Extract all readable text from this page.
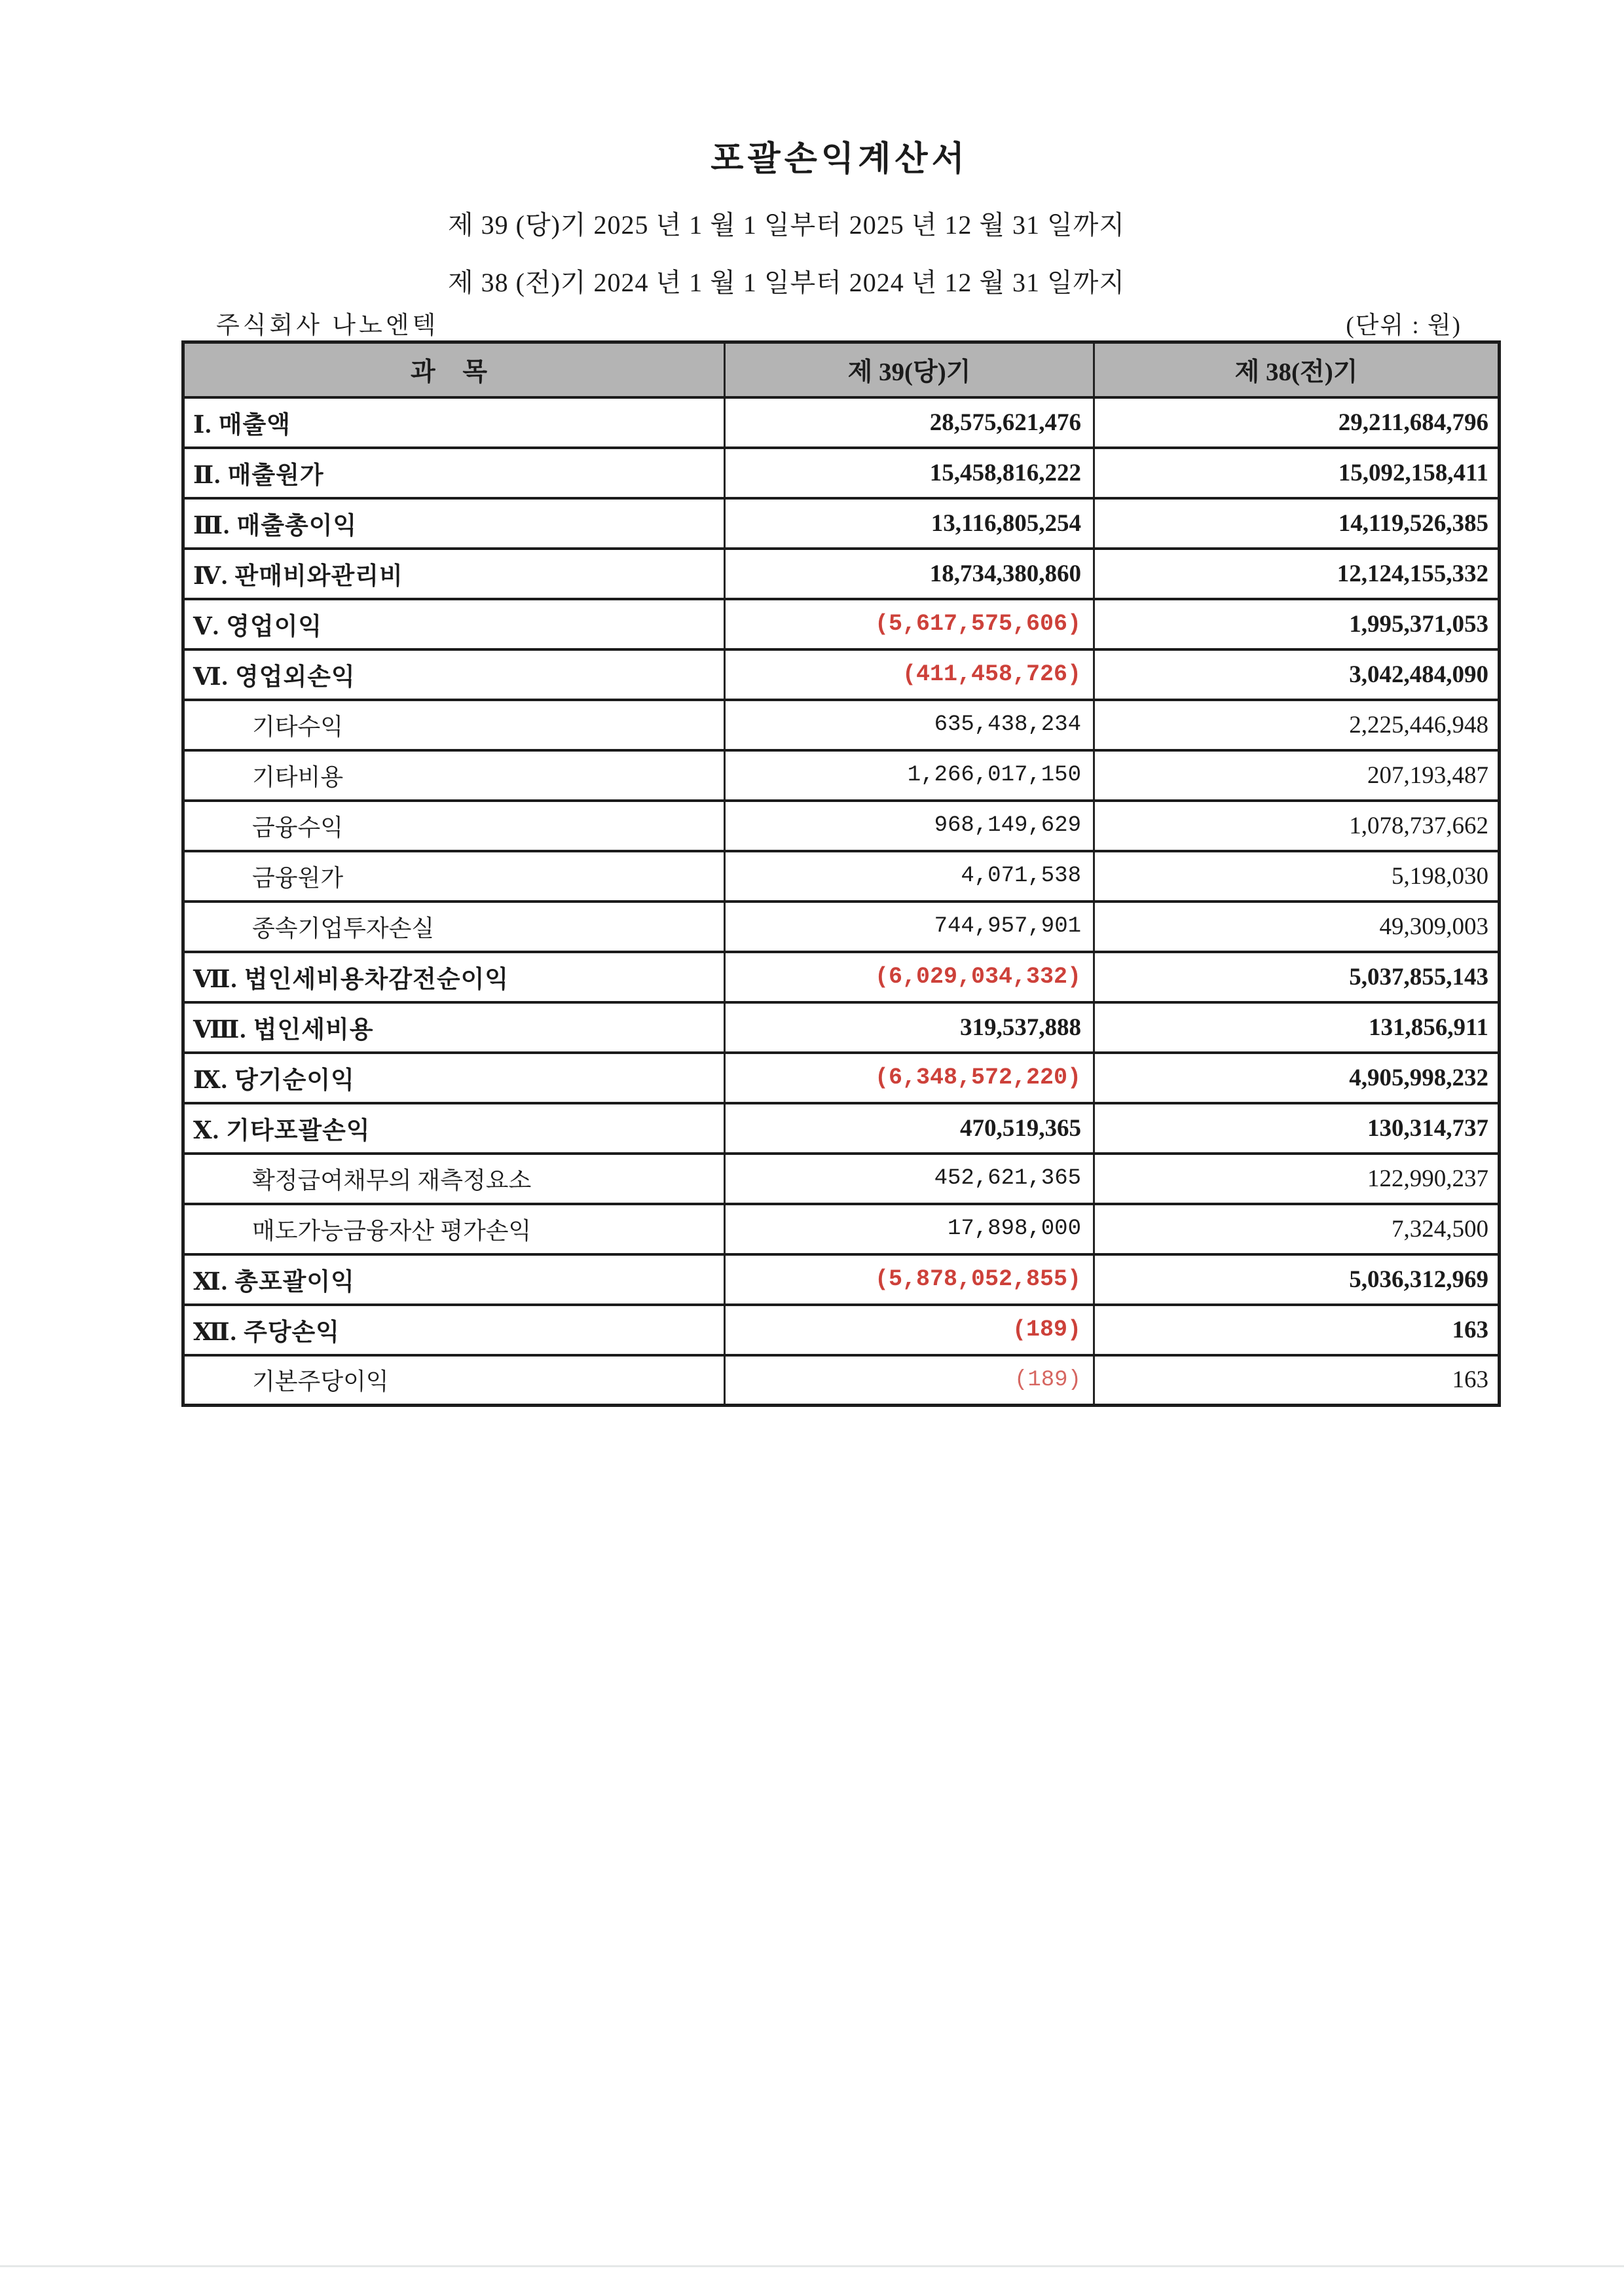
포괄손익계산서
제 39 (당)기 2025 년 1 월 1 일부터 2025 년 12 월 31 일까지
제 38 (전)기 2024 년 1 월 1 일부터 2024 년 12 월 31 일까지
주식회사 나노엔텍	(단위 : 원)
과 목	제 39(당)기	제 38(전)기
Ⅰ. 매출액	28,575,621,476	29,211,684,796
Ⅱ. 매출원가	15,458,816,222	15,092,158,411
Ⅲ. 매출총이익	13,116,805,254	14,119,526,385
Ⅳ. 판매비와관리비	18,734,380,860	12,124,155,332
Ⅴ. 영업이익	(5,617,575,606)	1,995,371,053
Ⅵ. 영업외손익	(411,458,726)	3,042,484,090
기타수익	635,438,234	2,225,446,948
기타비용	1,266,017,150	207,193,487
금융수익	968,149,629	1,078,737,662
금융원가	4,071,538	5,198,030
종속기업투자손실	744,957,901	49,309,003
Ⅶ. 법인세비용차감전순이익	(6,029,034,332)	5,037,855,143
Ⅷ. 법인세비용	319,537,888	131,856,911
Ⅸ. 당기순이익	(6,348,572,220)	4,905,998,232
Ⅹ. 기타포괄손익	470,519,365	130,314,737
확정급여채무의 재측정요소	452,621,365	122,990,237
매도가능금융자산 평가손익	17,898,000	7,324,500
Ⅺ. 총포괄이익	(5,878,052,855)	5,036,312,969
Ⅻ. 주당손익	(189)	163
기본주당이익	(189)	163
